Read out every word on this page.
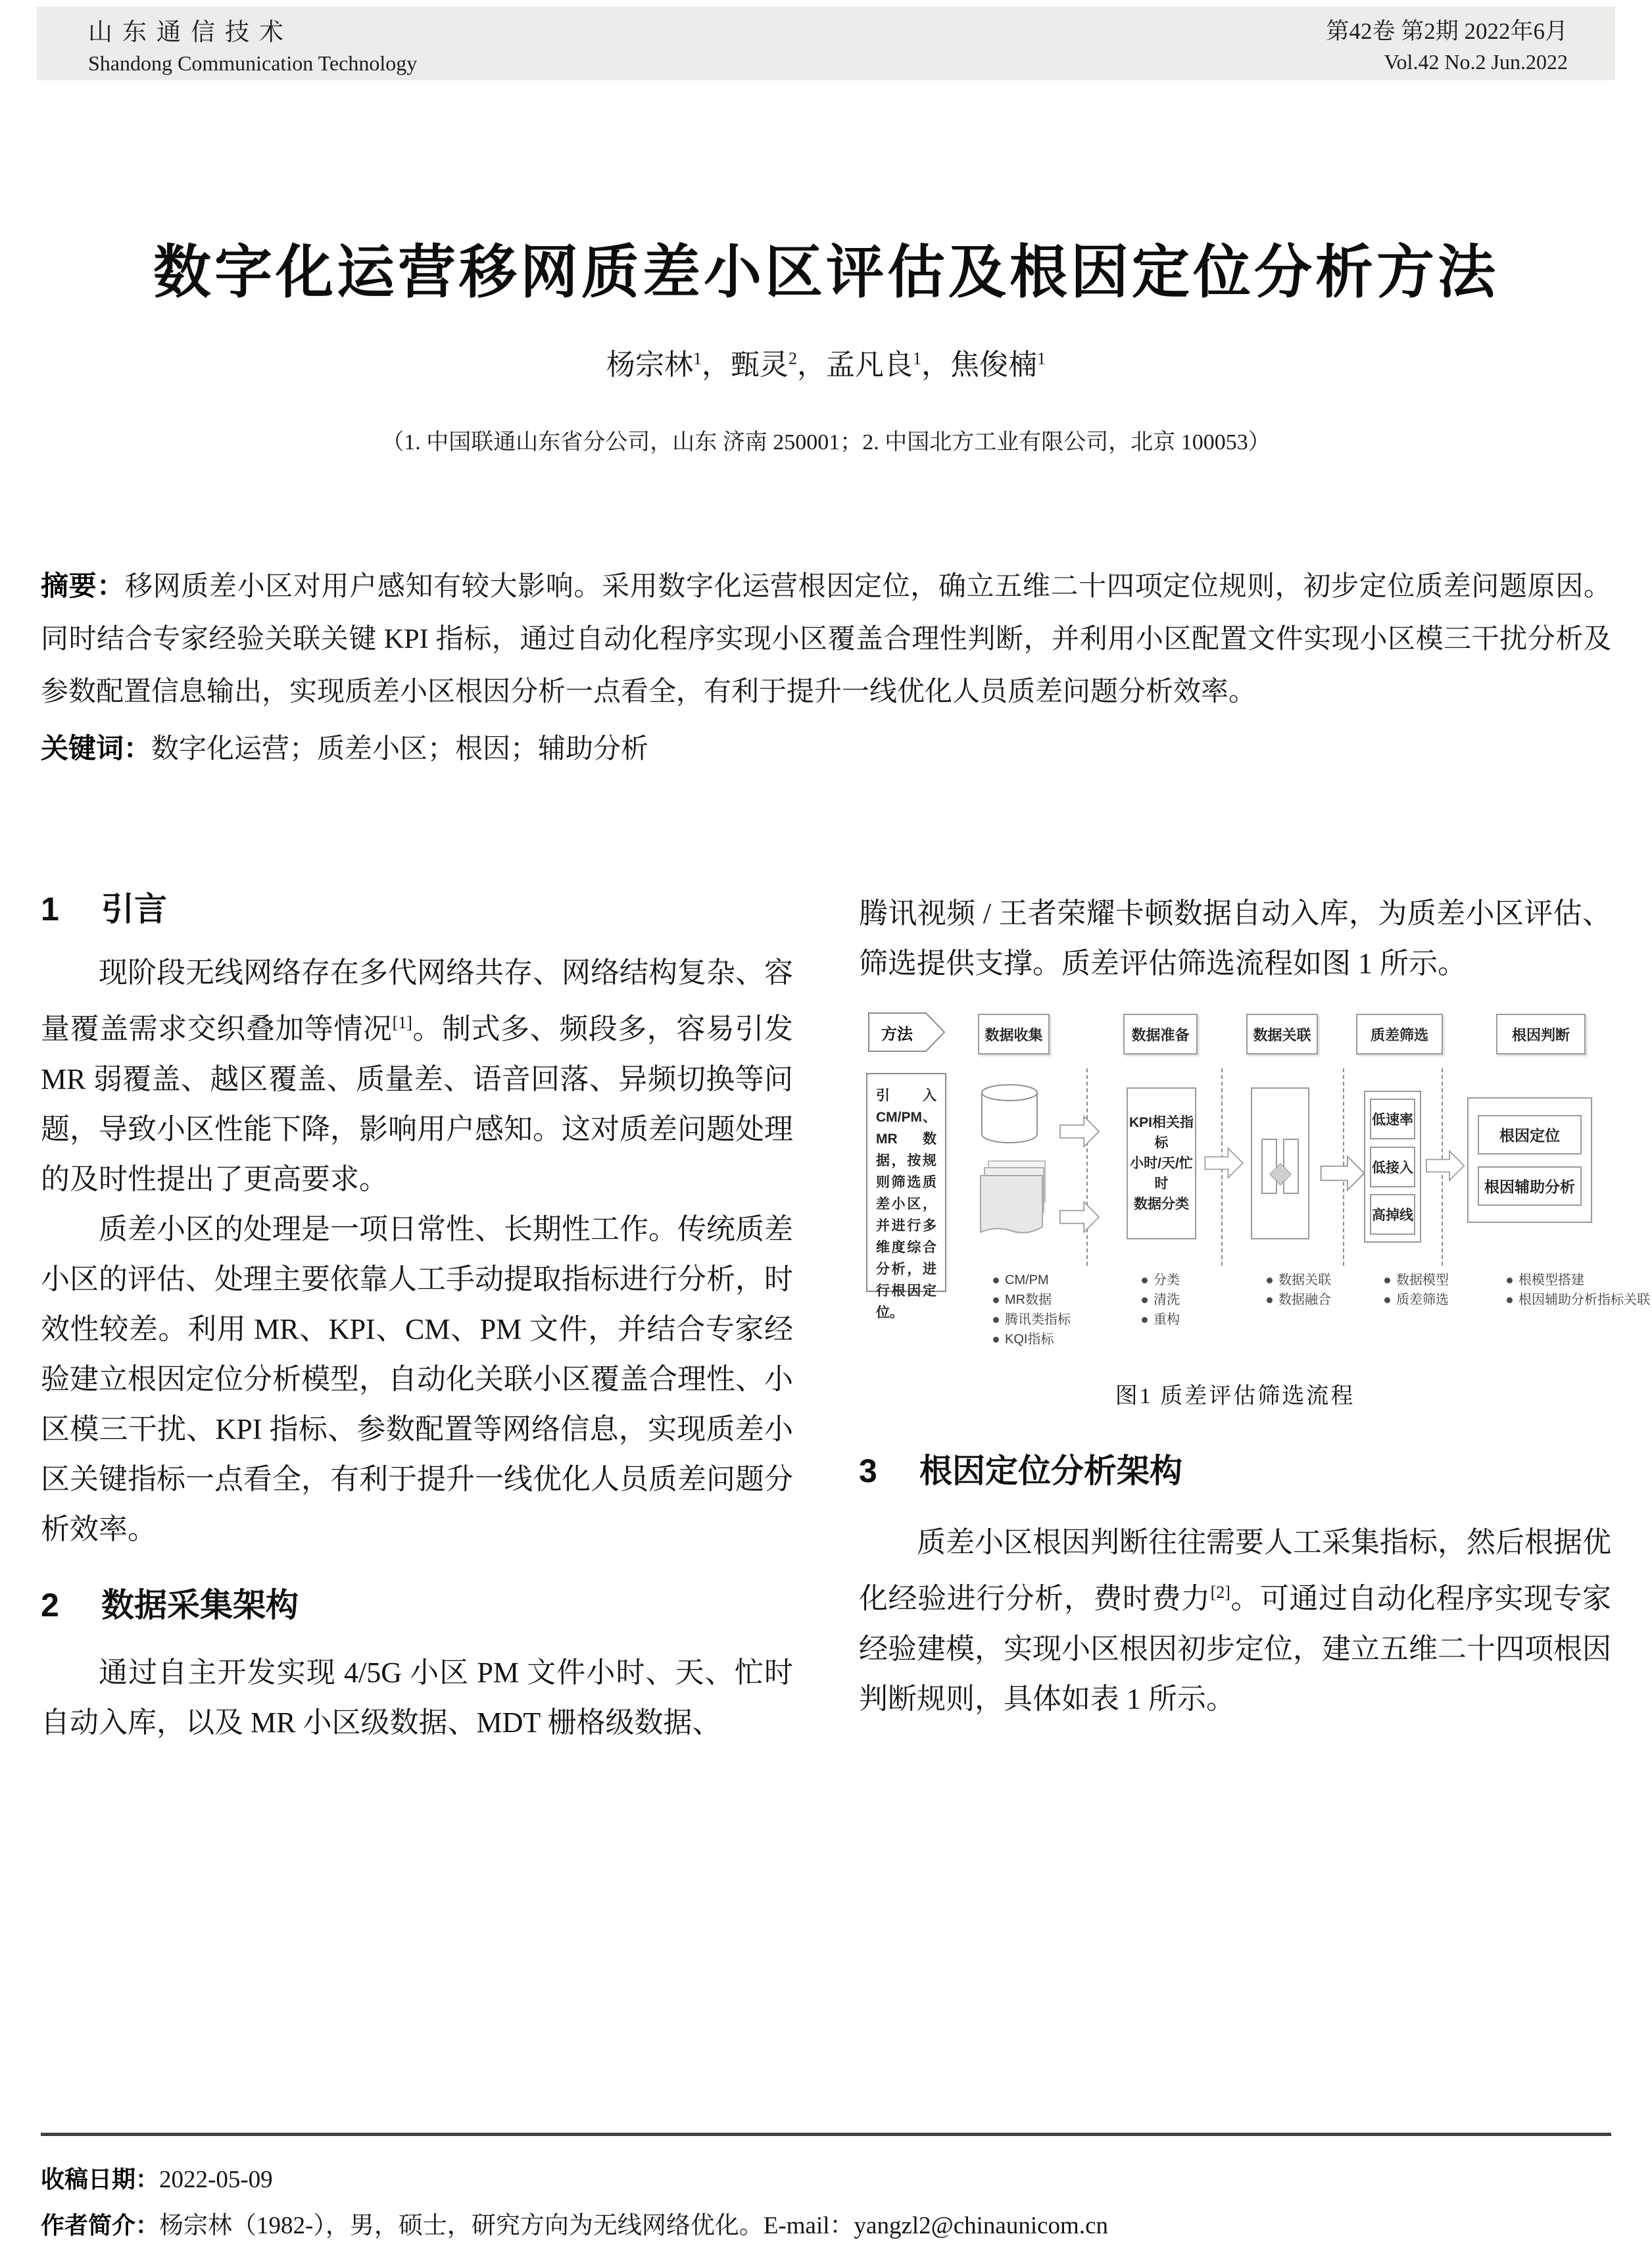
山东通信技术
Shandong Communication Technology
第42卷 第2期 2022年6月
Vol.42 No.2 Jun.2022
数字化运营移网质差小区评估及根因定位分析方法
杨宗林$^1$，甄灵$^2$，孟凡良$^1$，焦俊楠$^1$
（1. 中国联通山东省分公司，山东 济南 250001；2. 中国北方工业有限公司，北京 100053）
摘要：移网质差小区对用户感知有较大影响。采用数字化运营根因定位，确立五维二十四项定位规则，初步定位质差问题原因。同时结合专家经验关联关键 KPI 指标，通过自动化程序实现小区覆盖合理性判断，并利用小区配置文件实现小区模三干扰分析及参数配置信息输出，实现质差小区根因分析一点看全，有利于提升一线优化人员质差问题分析效率。
关键词：数字化运营；质差小区；根因；辅助分析
1 引言

现阶段无线网络存在多代网络共存、网络结构复杂、容量覆盖需求交织叠加等情况[1]。制式多、频段多，容易引发 MR 弱覆盖、越区覆盖、质量差、语音回落、异频切换等问题，导致小区性能下降，影响用户感知。这对质差问题处理的及时性提出了更高要求。

质差小区的处理是一项日常性、长期性工作。传统质差小区的评估、处理主要依靠人工手动提取指标进行分析，时效性较差。利用 MR、KPI、CM、PM 文件，并结合专家经验建立根因定位分析模型，自动化关联小区覆盖合理性、小区模三干扰、KPI 指标、参数配置等网络信息，实现质差小区关键指标一点看全，有利于提升一线优化人员质差问题分析效率。

2 数据采集架构

通过自主开发实现 4/5G 小区 PM 文件小时、天、忙时自动入库，以及 MR 小区级数据、MDT 栅格级数据、

腾讯视频 / 王者荣耀卡顿数据自动入库，为质差小区评估、筛选提供支撑。质差评估筛选流程如图 1 所示。

方法	数据收集	数据准备	数据关联	质差筛选	根因判断
引入 CM/PM、MR 数据，按规则筛选质差小区，并进行多维度综合分析，进行根因定位。
KPI相关指标
小时/天/忙时
数据分类
低速率
低接入
高掉线
根因定位
根因辅助分析
CM/PM
MR数据
腾讯类指标
KQI指标
分类
清洗
重构
数据关联
数据融合
数据模型
质差筛选
根模型搭建
根因辅助分析指标关联
图1 质差评估筛选流程
3 根因定位分析架构

质差小区根因判断往往需要人工采集指标，然后根据优化经验进行分析，费时费力[2]。可通过自动化程序实现专家经验建模，实现小区根因初步定位，建立五维二十四项根因判断规则，具体如表 1 所示。

收稿日期：2022-05-09
作者简介：杨宗林（1982-），男，硕士，研究方向为无线网络优化。E-mail：yangzl2@chinaunicom.cn
